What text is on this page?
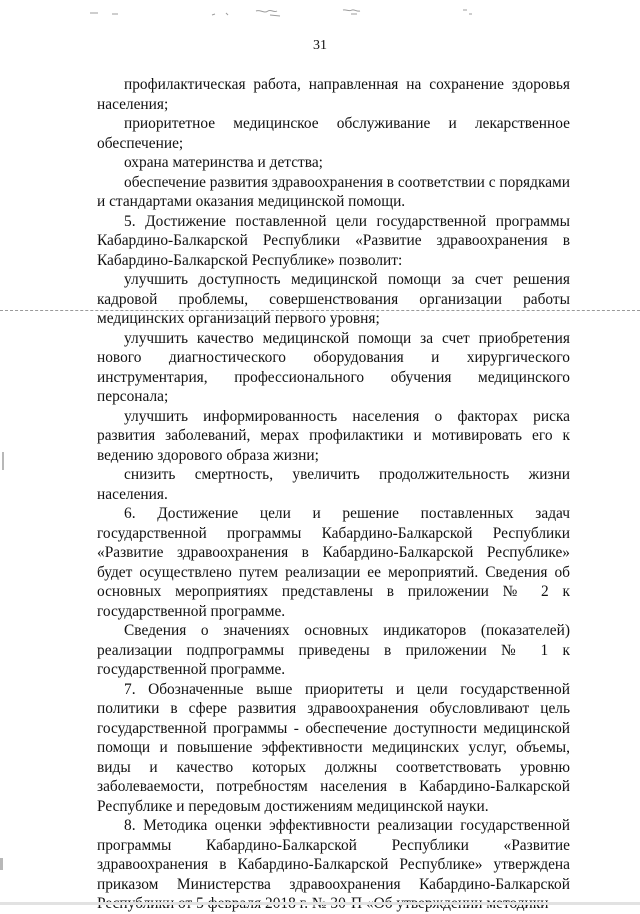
31

профилактическая работа, направленная на сохранение здоровья населения;

приоритетное медицинское обслуживание и лекарственное обеспечение;

охрана материнства и детства;

обеспечение развития здравоохранения в соответствии с порядками и стандартами оказания медицинской помощи.

5. Достижение поставленной цели государственной программы Кабардино-Балкарской Республики «Развитие здравоохранения в Кабардино-Балкарской Республике» позволит:

улучшить доступность медицинской помощи за счет решения кадровой проблемы, совершенствования организации работы медицинских организаций первого уровня;

улучшить качество медицинской помощи за счет приобретения нового диагностического оборудования и хирургического инструментария, профессионального обучения медицинского персонала;

улучшить информированность населения о факторах риска развития заболеваний, мерах профилактики и мотивировать его к ведению здорового образа жизни;

снизить смертность, увеличить продолжительность жизни населения.

6. Достижение цели и решение поставленных задач государственной программы Кабардино-Балкарской Республики «Развитие здравоохранения в Кабардино-Балкарской Республике» будет осуществлено путем реализации ее мероприятий. Сведения об основных мероприятиях представлены в приложении № 2 к государственной программе.

Сведения о значениях основных индикаторов (показателей) реализации подпрограммы приведены в приложении № 1 к государственной программе.

7. Обозначенные выше приоритеты и цели государственной политики в сфере развития здравоохранения обусловливают цель государственной программы - обеспечение доступности медицинской помощи и повышение эффективности медицинских услуг, объемы, виды и качество которых должны соответствовать уровню заболеваемости, потребностям населения в Кабардино-Балкарской Республике и передовым достижениям медицинской науки.

8. Методика оценки эффективности реализации государственной программы Кабардино-Балкарской Республики «Развитие здравоохранения в Кабардино-Балкарской Республике» утверждена приказом Министерства здравоохранения Кабардино-Балкарской
